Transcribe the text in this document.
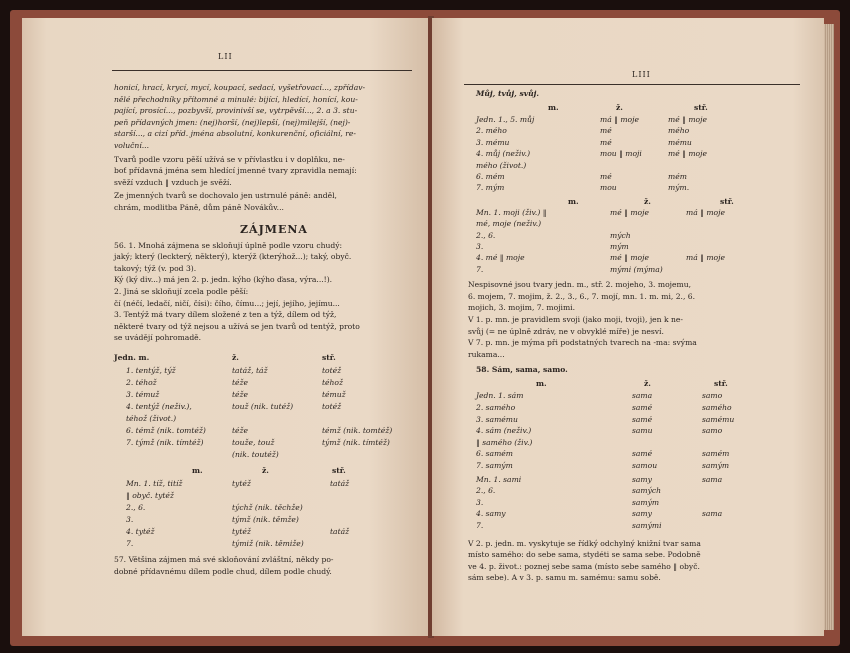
LII
honicí, hrací, krycí, mycí, koupací, sedací, vyšetřovací..., zpřídav-
nělé přechodníky přítomné a minulé: bijící, hledící, honící, kou-
pající, prosící..., pozbyvší, provinivší se, vytrpěvší..., 2. a 3. stu-
peň přídavných jmen: (nej)horší, (nej)lepší, (nej)milejší, (nej)-
starší..., a cizí příd. jména absolutní, konkurenční, oficiální, re-
voluční...
Tvarů podle vzoru pěší užívá se v přívlastku i v doplňku, ne-
boť přídavná jména sem hledící jmenné tvary zpravidla nemají:
svěží vzduch ‖ vzduch je svěží.
Ze jmenných tvarů se dochovalo jen ustrnulé páně: anděl,
chrám, modlitba Páně, dům páně Novákův...
ZÁJMENA
56. 1. Mnohá zájmena se skloňují úplně podle vzoru chudý:
jaký; který (leckterý, některý), kterýž (kterýhož...); taký, obyč.
takový; týž (v. pod 3).
Ký (ký div...) má jen 2. p. jedn. kýho (kýho ďasa, výra...!).
2. Jiná se skloňují zcela podle pěší:
čí (néčí, ledačí, ničí, čísi): čího, čímu...; její, jejího, jejímu...
3. Tentýž má tvary dílem složené z ten a týž, dílem od týž,
některé tvary od týž nejsou a užívá se jen tvarů od tentýž, proto
se uvádějí pohromadě.
Jedn. m.	ž.	stř.
1. tentýž, týž	tatáž, táž	totéž
2. téhož	téže	téhož
3. témuž	téže	témuž
4. tentýž (neživ.),	touž (nik. tutéž)	totéž
téhož (život.)
6. témž (nik. tomtéž)	téže	témž (nik. tomtéž)
7. týmž (nik. tímtéž)	touže, touž	týmž (nik. tímtéž)
(nik. toutéž)
m.	ž.	stř.
Mn. 1. tíž, titíž	tytéž	tatáž
‖ obyč. tytéž
2., 6.	týchž (nik. těchže)
3.	týmž (nik. těmže)
4. tytéž	tytéž	tatáž
7.	týmiž (nik. těmiže)
57. Většina zájmen má své skloňování zvláštní, někdy po-
dobné přídavnému dílem podle chud, dílem podle chudý.
LIII
Můj, tvůj, svůj.
m.	ž.	stř.
Jedn. 1., 5. můj	má ‖ moje	mé ‖ moje
2. mého	mé	mého
3. mému	mé	mému
4. můj (neživ.)	mou ‖ moji	mé ‖ moje
mého (život.)
6. mém	mé	mém
7. mým	mou	mým.
m.	ž.	stř.
Mn. 1. moji (živ.) ‖	mé ‖ moje	má ‖ moje
mé, moje (neživ.)
2., 6.	mých
3.	mým
4. mé ‖ moje	mé ‖ moje	má ‖ moje
7.	mými (mýma)
Nespisovné jsou tvary jedn. m., stř. 2. mojeho, 3. mojemu,
6. mojem, 7. mojim, ž. 2., 3., 6., 7. mojí, mn. 1. m. mi, 2., 6.
mojich, 3. mojim, 7. mojimi.
V 1. p. mn. je pravidlem svoji (jako moji, tvoji), jen k ne-
svůj (= ne úplně zdráv, ne v obvyklé míře) je nesví.
V 7. p. mn. je mýma při podstatných tvarech na -ma: svýma
rukama...
58. Sám, sama, samo.
m.	ž.	stř.
Jedn. 1. sám	sama	samo
2. samého	samé	samého
3. samému	samé	samému
4. sám (neživ.)	samu	samo
‖ samého (živ.)
6. samém	samé	samém
7. samým	samou	samým
Mn. 1. sami	samy	sama
2., 6.	samých
3.	samým
4. samy	samy	sama
7.	samými
V 2. p. jedn. m. vyskytuje se řídký odchylný knižní tvar sama
místo samého: do sebe sama, stydéti se sama sebe. Podobně
ve 4. p. život.: poznej sebe sama (místo sebe samého ‖ obyč.
sám sebe). A v 3. p. samu m. samému: samu sobě.
